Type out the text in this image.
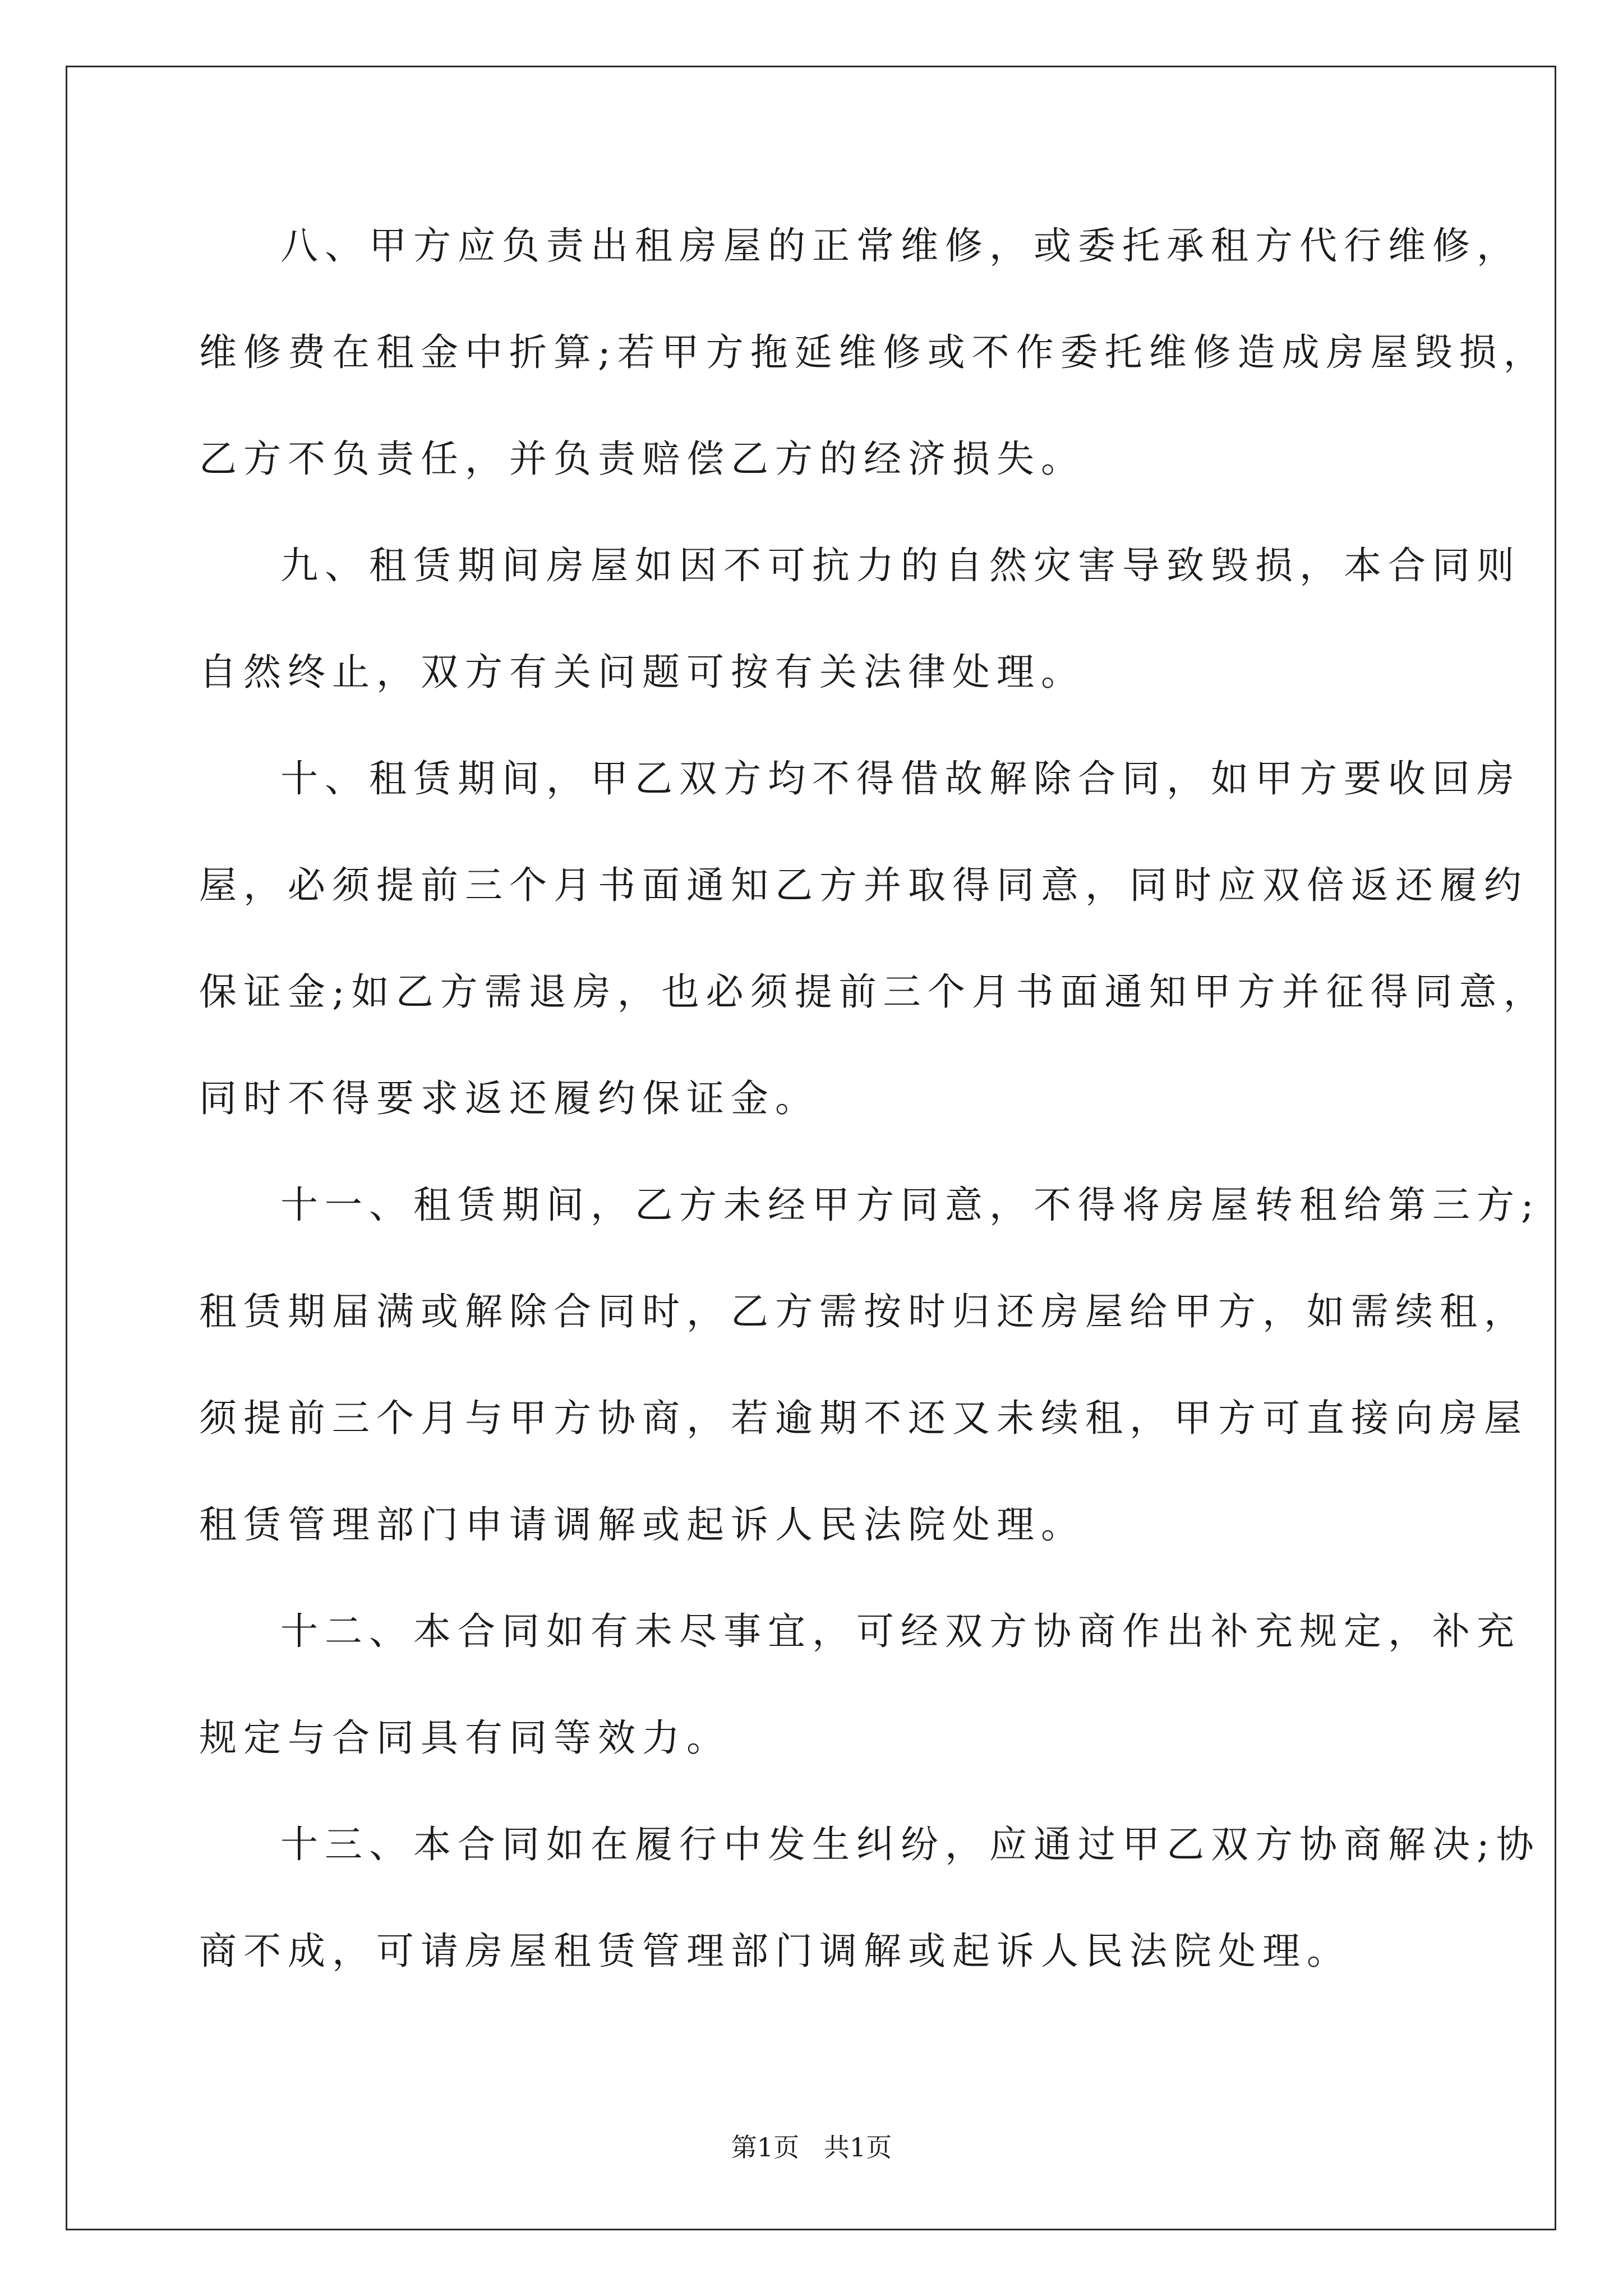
八、甲方应负责出租房屋的正常维修，或委托承租方代行维修，
维修费在租金中折算;若甲方拖延维修或不作委托维修造成房屋毁损，
乙方不负责任，并负责赔偿乙方的经济损失。
九、租赁期间房屋如因不可抗力的自然灾害导致毁损，本合同则
自然终止，双方有关问题可按有关法律处理。
十、租赁期间，甲乙双方均不得借故解除合同，如甲方要收回房
屋，必须提前三个月书面通知乙方并取得同意，同时应双倍返还履约
保证金;如乙方需退房，也必须提前三个月书面通知甲方并征得同意，
同时不得要求返还履约保证金。
十一、租赁期间，乙方未经甲方同意，不得将房屋转租给第三方;
租赁期届满或解除合同时，乙方需按时归还房屋给甲方，如需续租，
须提前三个月与甲方协商，若逾期不还又未续租，甲方可直接向房屋
租赁管理部门申请调解或起诉人民法院处理。
十二、本合同如有未尽事宜，可经双方协商作出补充规定，补充
规定与合同具有同等效力。
十三、本合同如在履行中发生纠纷，应通过甲乙双方协商解决;协
商不成，可请房屋租赁管理部门调解或起诉人民法院处理。
第1页   共1页
